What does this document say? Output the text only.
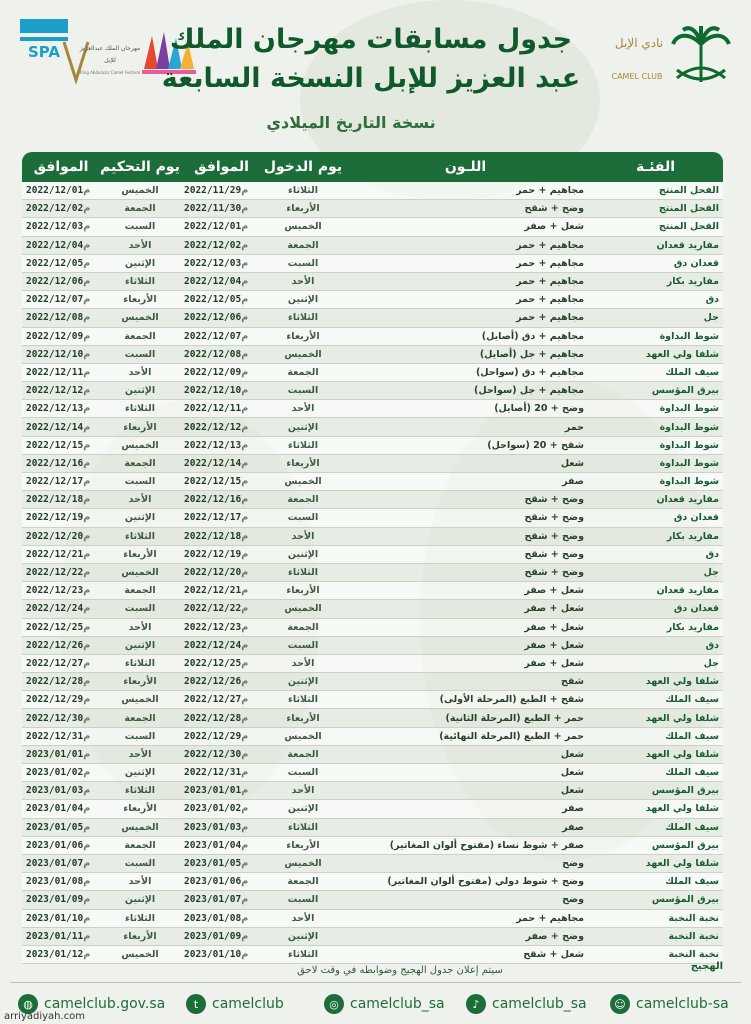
SPA	مهرجان الملك عبدالعزيز
للإبل
King Abdulaziz Camel Festival
جدول مسابقات مهرجان الملك
عبد العزيز للإبل النسخة السابعة
نسخة التاريخ الميلادي
نادي الإبل
CAMEL CLUB
الفئـة	اللـون	يوم الدخول	الموافق	يوم التحكيم	الموافق
الفحل المنتج	مجاهيم + حمر	الثلاثاء	2022/11/29م	الخميس	2022/12/01م
الفحل المنتج	وضح + شقح	الأربعاء	2022/11/30م	الجمعة	2022/12/02م
الفحل المنتج	شعل + صفر	الخميس	2022/12/01م	السبت	2022/12/03م
مفاريد قعدان	مجاهيم + حمر	الجمعة	2022/12/02م	الأحد	2022/12/04م
قعدان دق	مجاهيم + حمر	السبت	2022/12/03م	الإثنين	2022/12/05م
مفاريد بكار	مجاهيم + حمر	الأحد	2022/12/04م	الثلاثاء	2022/12/06م
دق	مجاهيم + حمر	الإثنين	2022/12/05م	الأربعاء	2022/12/07م
جل	مجاهيم + حمر	الثلاثاء	2022/12/06م	الخميس	2022/12/08م
شوط البداوة	مجاهيم + دق (أصايل)	الأربعاء	2022/12/07م	الجمعة	2022/12/09م
شلفا ولي العهد	مجاهيم + جل (أصايل)	الخميس	2022/12/08م	السبت	2022/12/10م
سيف الملك	مجاهيم + دق (سواحل)	الجمعة	2022/12/09م	الأحد	2022/12/11م
بيرق المؤسس	مجاهيم + جل (سواحل)	السبت	2022/12/10م	الإثنين	2022/12/12م
شوط البداوة	وضح + 20 (أصايل)	الأحد	2022/12/11م	الثلاثاء	2022/12/13م
شوط البداوة	حمر	الإثنين	2022/12/12م	الأربعاء	2022/12/14م
شوط البداوة	شقح + 20 (سواحل)	الثلاثاء	2022/12/13م	الخميس	2022/12/15م
شوط البداوة	شعل	الأربعاء	2022/12/14م	الجمعة	2022/12/16م
شوط البداوة	صفر	الخميس	2022/12/15م	السبت	2022/12/17م
مفاريد قعدان	وضح + شقح	الجمعة	2022/12/16م	الأحد	2022/12/18م
قعدان دق	وضح + شقح	السبت	2022/12/17م	الإثنين	2022/12/19م
مفاريد بكار	وضح + شقح	الأحد	2022/12/18م	الثلاثاء	2022/12/20م
دق	وضح + شقح	الإثنين	2022/12/19م	الأربعاء	2022/12/21م
جل	وضح + شقح	الثلاثاء	2022/12/20م	الخميس	2022/12/22م
مفاريد قعدان	شعل + صفر	الأربعاء	2022/12/21م	الجمعة	2022/12/23م
قعدان دق	شعل + صفر	الخميس	2022/12/22م	السبت	2022/12/24م
مفاريد بكار	شعل + صفر	الجمعة	2022/12/23م	الأحد	2022/12/25م
دق	شعل + صفر	السبت	2022/12/24م	الإثنين	2022/12/26م
جل	شعل + صفر	الأحد	2022/12/25م	الثلاثاء	2022/12/27م
شلفا ولي العهد	شقح	الإثنين	2022/12/26م	الأربعاء	2022/12/28م
سيف الملك	شقح + الطبع (المرحلة الأولى)	الثلاثاء	2022/12/27م	الخميس	2022/12/29م
شلفا ولي العهد	حمر + الطبع (المرحلة الثانية)	الأربعاء	2022/12/28م	الجمعة	2022/12/30م
سيف الملك	حمر + الطبع (المرحلة النهائية)	الخميس	2022/12/29م	السبت	2022/12/31م
شلفا ولي العهد	شعل	الجمعة	2022/12/30م	الأحد	2023/01/01م
سيف الملك	شعل	السبت	2022/12/31م	الإثنين	2023/01/02م
بيرق المؤسس	شعل	الأحد	2023/01/01م	الثلاثاء	2023/01/03م
شلفا ولي العهد	صفر	الإثنين	2023/01/02م	الأربعاء	2023/01/04م
سيف الملك	صفر	الثلاثاء	2023/01/03م	الخميس	2023/01/05م
بيرق المؤسس	صفر + شوط نساء (مفتوح ألوان المغاتير)	الأربعاء	2023/01/04م	الجمعة	2023/01/06م
شلفا ولي العهد	وضح	الخميس	2023/01/05م	السبت	2023/01/07م
سيف الملك	وضح + شوط دولي (مفتوح ألوان المغاتير)	الجمعة	2023/01/06م	الأحد	2023/01/08م
بيرق المؤسس	وضح	السبت	2023/01/07م	الإثنين	2023/01/09م
نخبة النخبة	مجاهيم + حمر	الأحد	2023/01/08م	الثلاثاء	2023/01/10م
نخبة النخبة	وضح + صفر	الإثنين	2023/01/09م	الأربعاء	2023/01/11م
نخبة النخبة	شعل + شقح	الثلاثاء	2023/01/10م	الخميس	2023/01/12م
الهجيج
سيتم إعلان جدول الهجيج وضوابطه في وقت لاحق
◍ camelclub.gov.sa	t camelclub	◎ camelclub_sa	♪ camelclub_sa	☺ camelclub-sa
arriyadiyah.com
